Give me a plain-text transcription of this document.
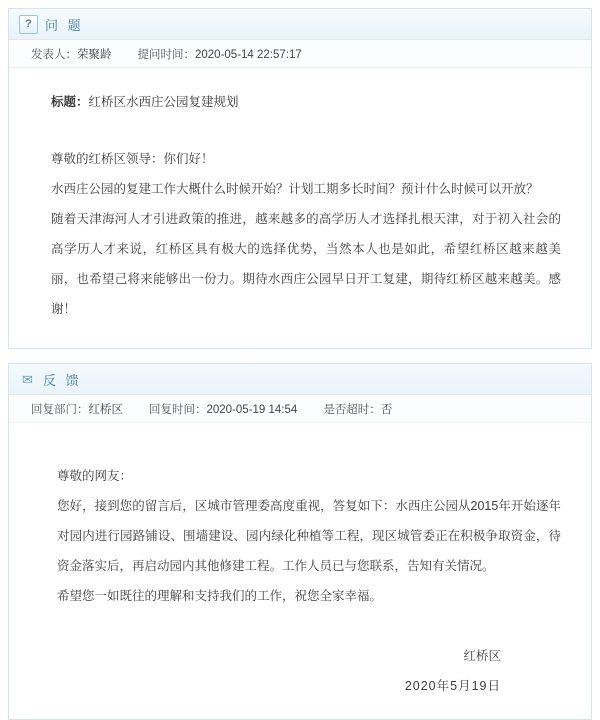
?	问 题
发表人：荣聚龄 提问时间：2020-05-14 22:57:17
标题：红桥区水西庄公园复建规划

尊敬的红桥区领导：你们好！

水西庄公园的复建工作大概什么时候开始？计划工期多长时间？预计什么时候可以开放？

随着天津海河人才引进政策的推进，越来越多的高学历人才选择扎根天津，对于初入社会的高学历人才来说，红桥区具有极大的选择优势，当然本人也是如此，希望红桥区越来越美丽，也希望己将来能够出一份力。期待水西庄公园早日开工复建，期待红桥区越来越美。感谢！

✉ 反 馈
回复部门：红桥区 回复时间：2020-05-19 14:54 是否超时：否

尊敬的网友：

您好，接到您的留言后，区城市管理委高度重视，答复如下：水西庄公园从2015年开始逐年对园内进行园路铺设、围墙建设、园内绿化种植等工程，现区城管委正在积极争取资金，待资金落实后，再启动园内其他修建工程。工作人员已与您联系，告知有关情况。

希望您一如既往的理解和支持我们的工作，祝您全家幸福。

红桥区
2020年5月19日
